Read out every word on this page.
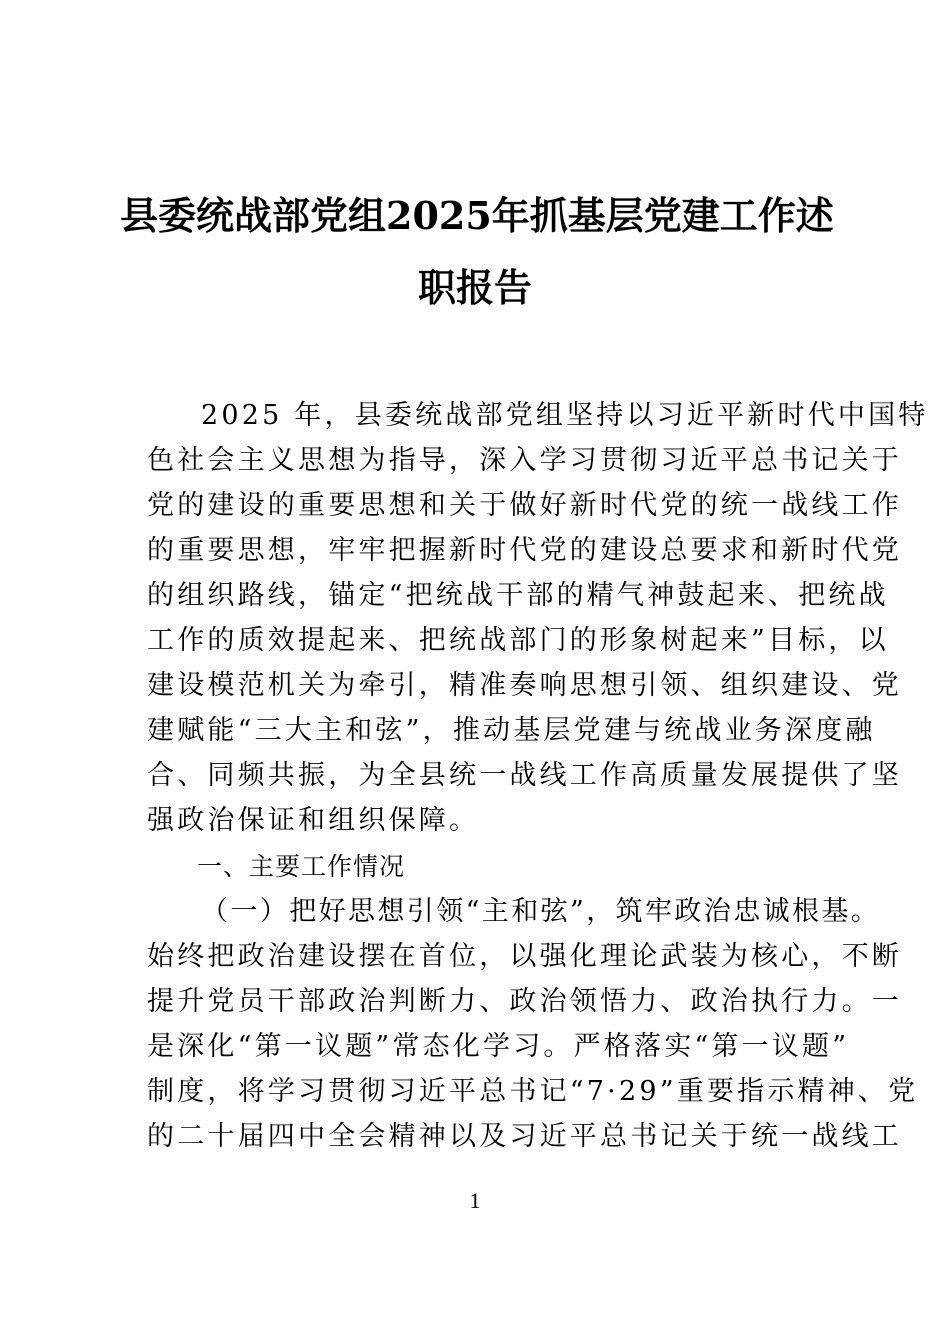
县委统战部党组2025年抓基层党建工作述
职报告
2025 年，县委统战部党组坚持以习近平新时代中国特
色社会主义思想为指导，深入学习贯彻习近平总书记关于
党的建设的重要思想和关于做好新时代党的统一战线工作
的重要思想，牢牢把握新时代党的建设总要求和新时代党
的组织路线，锚定“把统战干部的精气神鼓起来、把统战
工作的质效提起来、把统战部门的形象树起来”目标，以
建设模范机关为牵引，精准奏响思想引领、组织建设、党
建赋能“三大主和弦”，推动基层党建与统战业务深度融
合、同频共振，为全县统一战线工作高质量发展提供了坚
强政治保证和组织保障。
一、主要工作情况
（一）把好思想引领“主和弦”，筑牢政治忠诚根基。
始终把政治建设摆在首位，以强化理论武装为核心，不断
提升党员干部政治判断力、政治领悟力、政治执行力。一
是深化“第一议题”常态化学习。严格落实“第一议题”
制度，将学习贯彻习近平总书记“7·29”重要指示精神、党
的二十届四中全会精神以及习近平总书记关于统一战线工
1
